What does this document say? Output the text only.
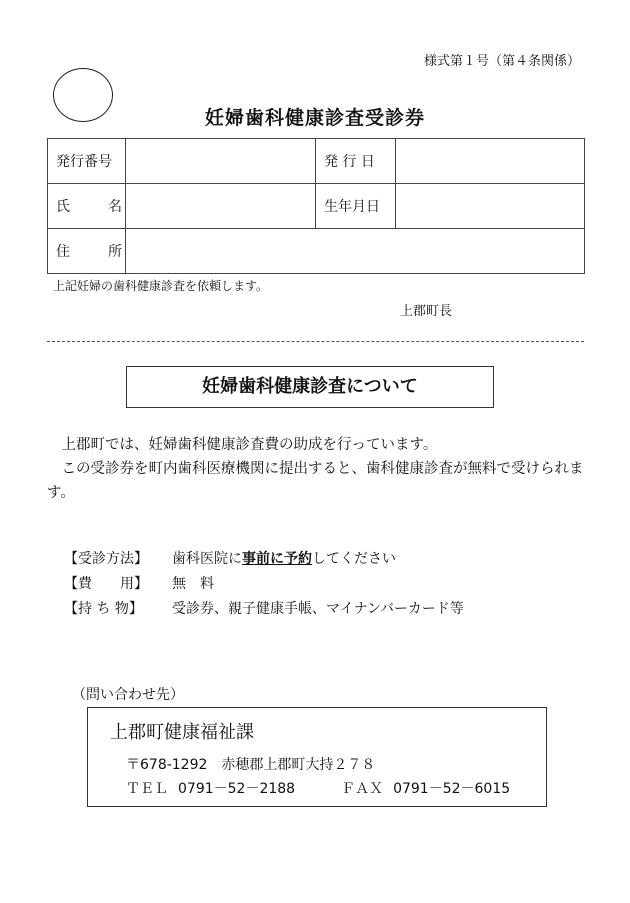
様式第１号（第４条関係）
妊婦歯科健康診査受診券
発行番号		発 行 日	
氏 名		生年月日	
住 所			
上記妊婦の歯科健康診査を依頼します。
上郡町長
妊婦歯科健康診査について

上郡町では、妊婦歯科健康診査費の助成を行っています。

この受診券を町内歯科医療機関に提出すると、歯科健康診査が無料で受けられます。

【受診方法】	歯科医院に事前に予約してください
【費　　用】	無　料
【持 ち 物】	受診券、親子健康手帳、マイナンバーカード等
（問い合わせ先）
上郡町健康福祉課
〒678-1292　赤穂郡上郡町大持２７８
ＴＥＬ 0791－52－2188	ＦＡＸ 0791－52－6015
